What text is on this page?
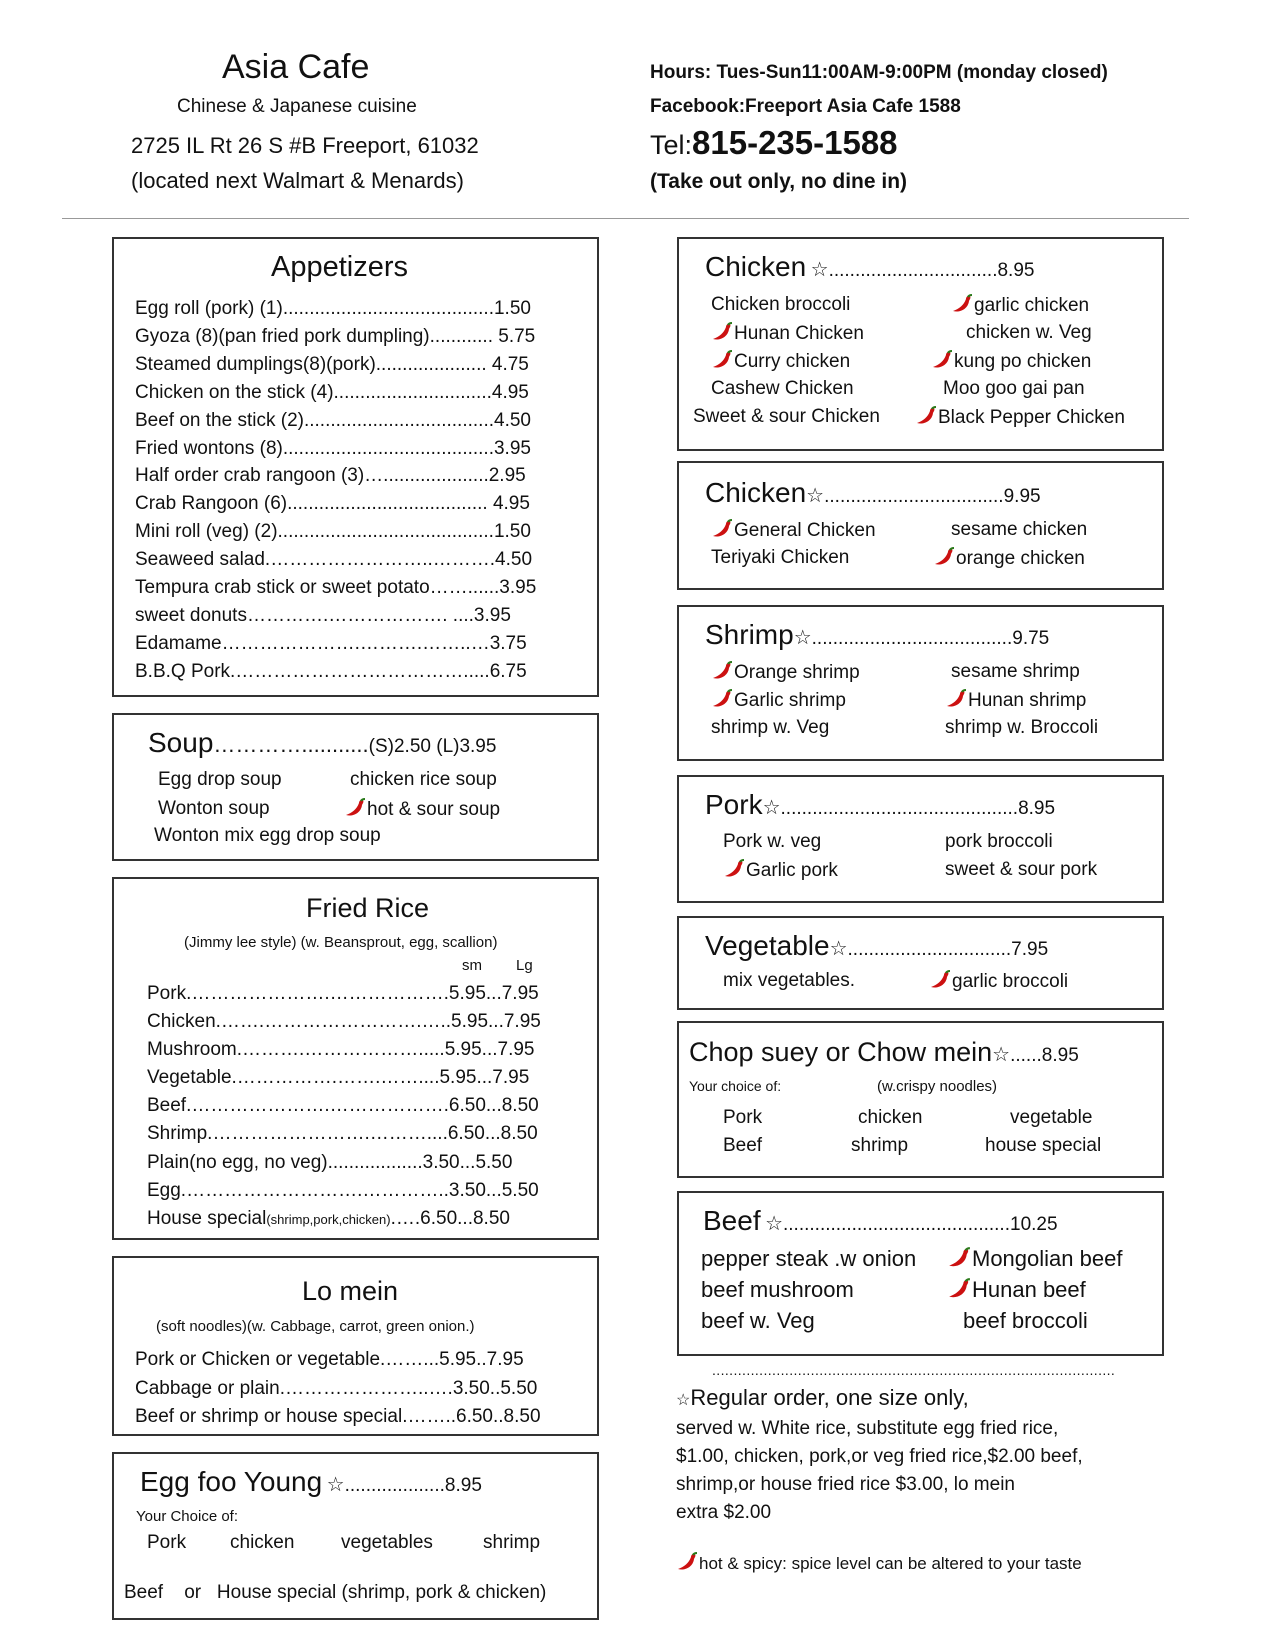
Asia Cafe
Chinese & Japanese cuisine
2725 IL Rt 26 S #B Freeport, 61032
(located next Walmart & Menards)
Hours: Tues-Sun11:00AM-9:00PM (monday closed)
Facebook:Freeport Asia Cafe 1588
Tel:815-235-1588
(Take out only, no dine in)
Appetizers
Egg roll (pork) (1)........................................1.50
Gyoza (8)(pan fried pork dumpling)............ 5.75
Steamed dumplings(8)(pork)..................... 4.75
Chicken on the stick (4)..............................4.95
Beef on the stick (2)....................................4.50
Fried wontons (8)........................................3.95
Half order crab rangoon (3)…....................2.95
Crab Rangoon (6)...................................... 4.95
Mini roll (veg) (2).........................................1.50
Seaweed salad.……………………..……….4.50
Tempura crab stick or sweet potato……......3.95
sweet donuts………….………………. ....3.95
Edamame………………….……….……..…3.75
B.B.Q Pork.……………………………….....6.75
Soup…………...........(S)2.50 (L)3.95
Egg drop soup	chicken rice soup
Wonton soup	hot & sour soup
Wonton mix egg drop soup
Fried Rice
(Jimmy lee style) (w. Beansprout, egg, scallion)
sm Lg
Pork.………………….……………….5.95...7.95
Chicken.…….…………………….…..5.95...7.95
Mushroom.……….……………….....5.95...7.95
Vegetable.…………….…….……....5.95...7.95
Beef.………………….……………….6.50...8.50
Shrimp.…………………….………....6.50...8.50
Plain(no egg, no veg)..................3.50...5.50
Egg.……………………….…………..3.50...5.50
House special(shrimp,pork,chicken).….6.50...8.50
Lo mein
(soft noodles)(w. Cabbage, carrot, green onion.)
Pork or Chicken or vegetable.……...5.95..7.95
Cabbage or plain.…………………..….3.50..5.50
Beef or shrimp or house special.……..6.50..8.50
Egg foo Young ☆...................8.95
Your Choice of:
Pork chicken vegetables	shrimp
Beef    or   House special (shrimp, pork & chicken)
Chicken ☆................................8.95
Chicken broccoli	garlic chicken
Hunan Chicken	chicken w. Veg
Curry chicken	kung po chicken
Cashew Chicken	Moo goo gai pan
Sweet & sour Chicken	Black Pepper Chicken
Chicken☆..................................9.95
General Chicken	sesame chicken
Teriyaki Chicken	orange chicken
Shrimp☆......................................9.75
Orange shrimp	sesame shrimp
Garlic shrimp	Hunan shrimp
shrimp w. Veg	shrimp w. Broccoli
Pork☆.............................................8.95
Pork w. veg	pork broccoli
Garlic pork	sweet & sour pork
Vegetable☆...............................7.95
mix vegetables.	garlic broccoli
Chop suey or Chow mein☆......8.95
Your choice of:	(w.crispy noodles)
Pork	chicken	vegetable
Beef	shrimp	house special
Beef ☆...........................................10.25
pepper steak .w onion	Mongolian beef
beef mushroom	Hunan beef
beef w. Veg	beef broccoli
..............................................................................................
☆Regular order, one size only,
served w. White rice, substitute egg fried rice,
$1.00, chicken, pork,or veg fried rice,$2.00 beef,
shrimp,or house fried rice $3.00, lo mein
extra $2.00
hot & spicy: spice level can be altered to your taste
